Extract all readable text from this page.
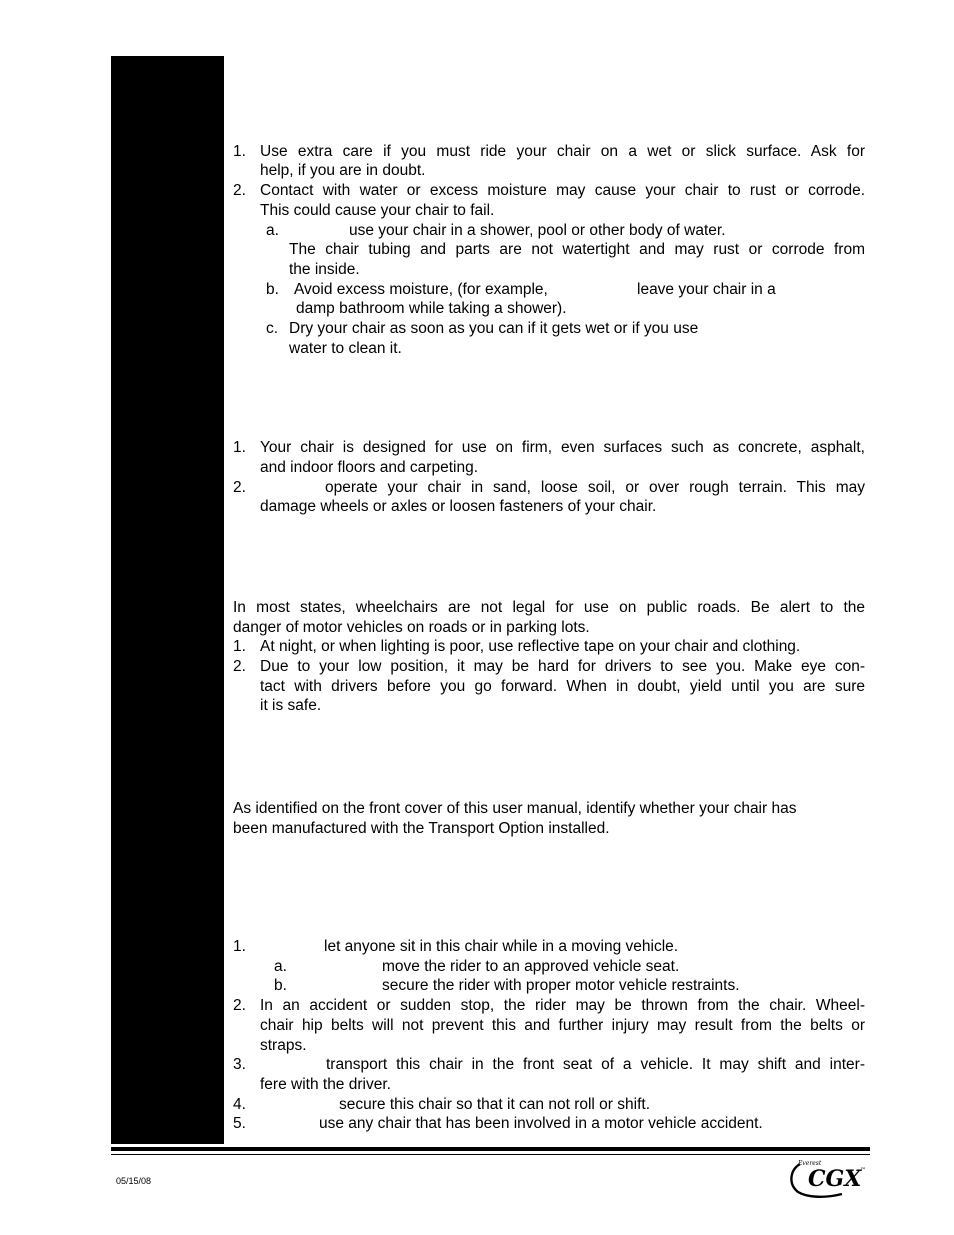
1. Use extra care if you must ride your chair on a wet or slick surface. Ask for
help, if you are in doubt.
2. Contact with water or excess moisture may cause your chair to rust or corrode.
This could cause your chair to fail.
a.	use your chair in a shower, pool or other body of water.
The chair tubing and parts are not watertight and may rust or corrode from
the inside.
b. Avoid excess moisture, (for example,	leave your chair in a
damp bathroom while taking a shower).
c. Dry your chair as soon as you can if it gets wet or if you use
water to clean it.
1. Your chair is designed for use on firm, even surfaces such as concrete, asphalt,
and indoor floors and carpeting.
2.	operate your chair in sand, loose soil, or over rough terrain. This may
damage wheels or axles or loosen fasteners of your chair.
In most states, wheelchairs are not legal for use on public roads. Be alert to the
danger of motor vehicles on roads or in parking lots.
1. At night, or when lighting is poor, use reflective tape on your chair and clothing.
2. Due to your low position, it may be hard for drivers to see you. Make eye con-
tact with drivers before you go forward. When in doubt, yield until you are sure
it is safe.
As identified on the front cover of this user manual, identify whether your chair has
been manufactured with the Transport Option installed.
1.	let anyone sit in this chair while in a moving vehicle.
a.	move the rider to an approved vehicle seat.
b.	secure the rider with proper motor vehicle restraints.
2. In an accident or sudden stop, the rider may be thrown from the chair. Wheel-
chair hip belts will not prevent this and further injury may result from the belts or
straps.
3.	transport this chair in the front seat of a vehicle. It may shift and inter-
fere with the driver.
4.	secure this chair so that it can not roll or shift.
5.	use any chair that has been involved in a motor vehicle accident.
05/15/08
Everest
CGX
™
